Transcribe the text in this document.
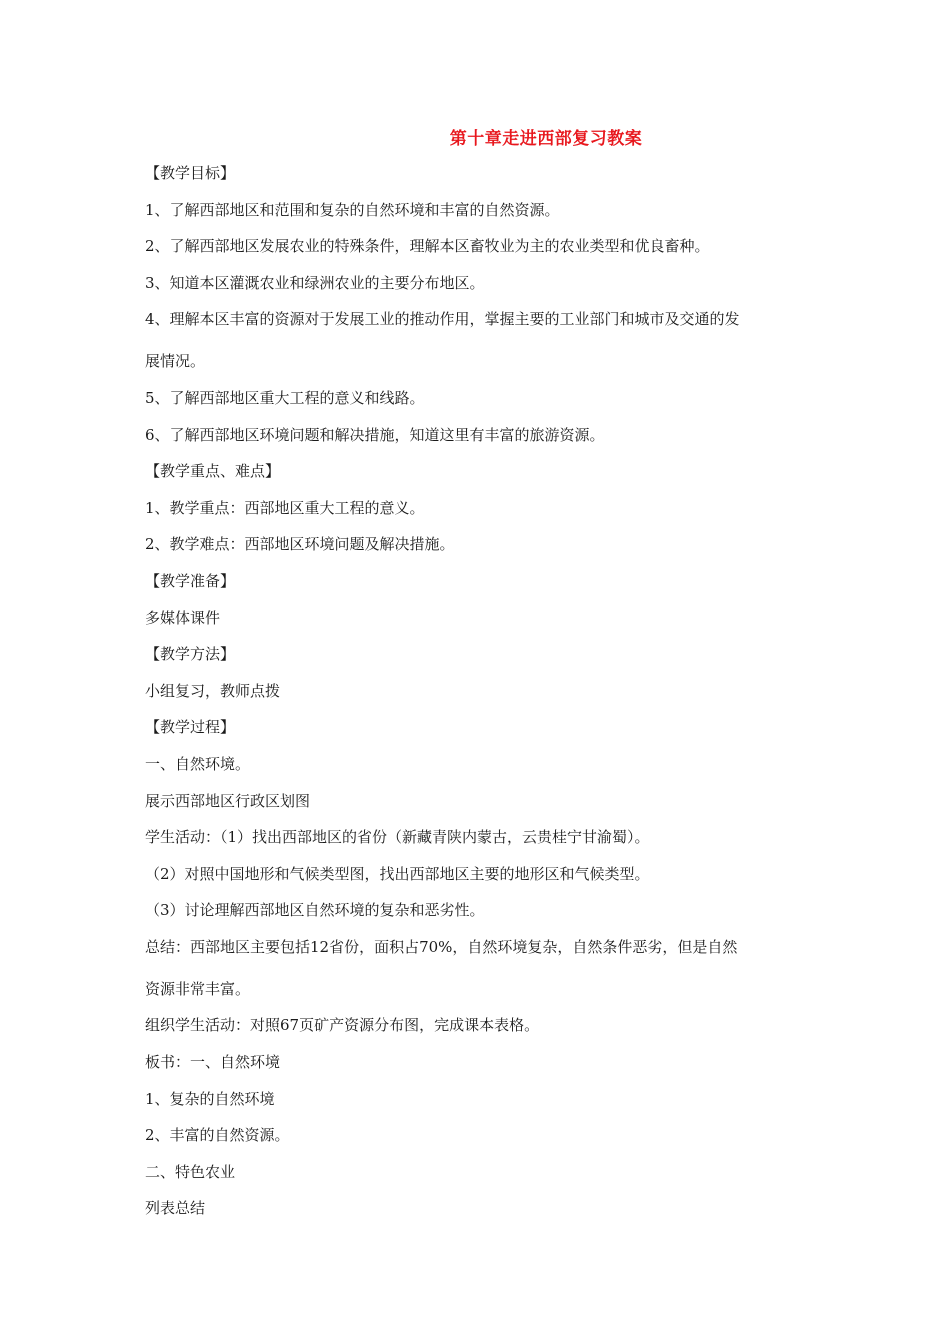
第十章走进西部复习教案
【教学目标】
1、了解西部地区和范围和复杂的自然环境和丰富的自然资源。
2、了解西部地区发展农业的特殊条件，理解本区畜牧业为主的农业类型和优良畜种。
3、知道本区灌溉农业和绿洲农业的主要分布地区。
4、理解本区丰富的资源对于发展工业的推动作用，掌握主要的工业部门和城市及交通的发
展情况。
5、了解西部地区重大工程的意义和线路。
6、了解西部地区环境问题和解决措施，知道这里有丰富的旅游资源。
【教学重点、难点】
1、教学重点：西部地区重大工程的意义。
2、教学难点：西部地区环境问题及解决措施。
【教学准备】
多媒体课件
【教学方法】
小组复习，教师点拨
【教学过程】
一、自然环境。
展示西部地区行政区划图
学生活动：（1）找出西部地区的省份（新藏青陕内蒙古，云贵桂宁甘渝蜀）。
（2）对照中国地形和气候类型图，找出西部地区主要的地形区和气候类型。
（3）讨论理解西部地区自然环境的复杂和恶劣性。
总结：西部地区主要包括12省份，面积占70%，自然环境复杂，自然条件恶劣，但是自然
资源非常丰富。
组织学生活动：对照67页矿产资源分布图，完成课本表格。
板书：一、自然环境
1、复杂的自然环境
2、丰富的自然资源。
二、特色农业
列表总结
